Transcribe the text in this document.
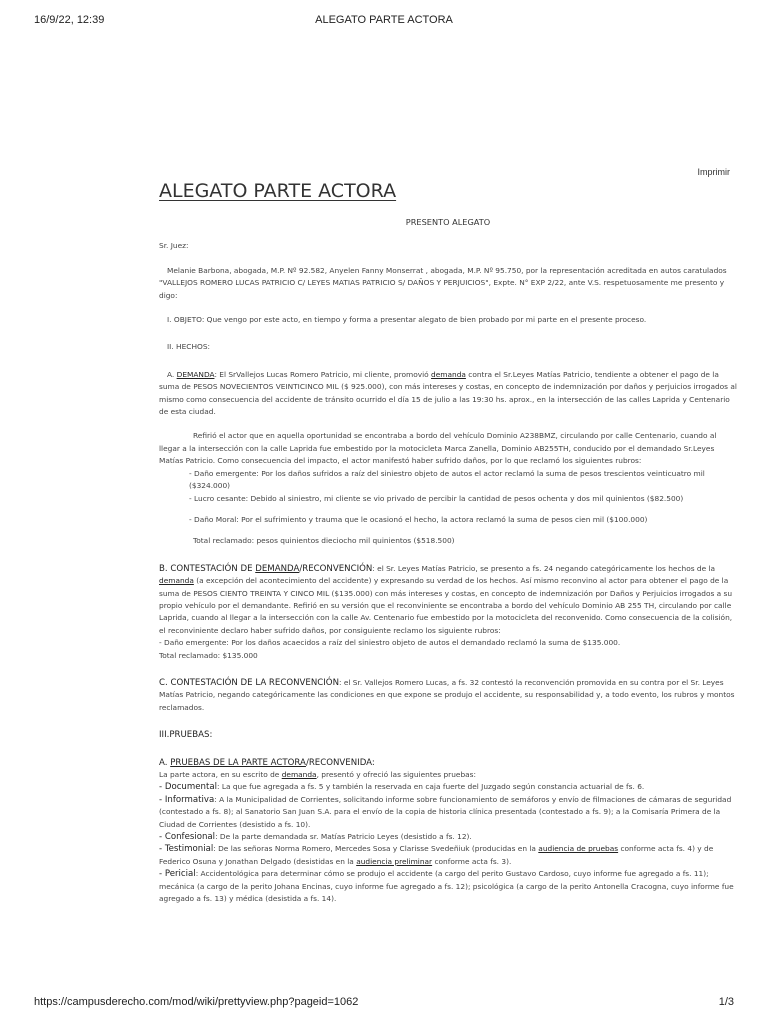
16/9/22, 12:39	ALEGATO PARTE ACTORA
Imprimir
ALEGATO PARTE ACTORA

PRESENTO ALEGATO

Sr. Juez:

Melanie Barbona, abogada, M.P. Nº 92.582, Anyelen Fanny Monserrat , abogada, M.P. Nº 95.750, por la representación acreditada en autos caratulados "VALLEJOS ROMERO LUCAS PATRICIO C/ LEYES MATIAS PATRICIO S/ DAÑOS Y PERJUICIOS", Expte. N° EXP 2/22, ante V.S. respetuosamente me presento y digo:

I. OBJETO: Que vengo por este acto, en tiempo y forma a presentar alegato de bien probado por mi parte en el presente proceso.

II. HECHOS:

A. DEMANDA: El SrVallejos Lucas Romero Patricio, mi cliente, promovió demanda contra el Sr.Leyes Matías Patricio, tendiente a obtener el pago de la suma de PESOS NOVECIENTOS VEINTICINCO MIL ($ 925.000), con más intereses y costas, en concepto de indemnización por daños y perjuicios irrogados al mismo como consecuencia del accidente de tránsito ocurrido el día 15 de julio a las 19:30 hs. aprox., en la intersección de las calles Laprida y Centenario de esta ciudad.

Refirió el actor que en aquella oportunidad se encontraba a bordo del vehículo Dominio A238BMZ, circulando por calle Centenario, cuando al llegar a la intersección con la calle Laprida fue embestido por la motocicleta Marca Zanella, Dominio AB255TH, conducido por el demandado Sr.Leyes Matías Patricio. Como consecuencia del impacto, el actor manifestó haber sufrido daños, por lo que reclamó los siguientes rubros:

- Daño emergente: Por los daños sufridos a raíz del siniestro objeto de autos el actor reclamó la suma de pesos trescientos veinticuatro mil ($324.000)

- Lucro cesante: Debido al siniestro, mi cliente se vio privado de percibir la cantidad de pesos ochenta y dos mil quinientos ($82.500)

- Daño Moral: Por el sufrimiento y trauma que le ocasionó el hecho, la actora reclamó la suma de pesos cien mil ($100.000)

Total reclamado: pesos quinientos dieciocho mil quinientos ($518.500)

B. CONTESTACIÓN DE DEMANDA/RECONVENCIÓN: el Sr. Leyes Matías Patricio, se presento a fs. 24 negando categóricamente los hechos de la demanda (a excepción del acontecimiento del accidente) y expresando su verdad de los hechos. Así mismo reconvino al actor para obtener el pago de la suma de PESOS CIENTO TREINTA Y CINCO MIL ($135.000) con más intereses y costas, en concepto de indemnización por Daños y Perjuicios irrogados a su propio vehículo por el demandante. Refirió en su versión que el reconviniente se encontraba a bordo del vehículo Dominio AB 255 TH, circulando por calle Laprida, cuando al llegar a la intersección con la calle Av. Centenario fue embestido por la motocicleta del reconvenido. Como consecuencia de la colisión, el reconviniente declaro haber sufrido daños, por consiguiente reclamo los siguiente rubros:

- Daño emergente: Por los daños acaecidos a raíz del siniestro objeto de autos el demandado reclamó la suma de $135.000.

Total reclamado: $135.000

C. CONTESTACIÓN DE LA RECONVENCIÓN: el Sr. Vallejos Romero Lucas, a fs. 32 contestó la reconvención promovida en su contra por el Sr. Leyes Matías Patricio, negando categóricamente las condiciones en que expone se produjo el accidente, su responsabilidad y, a todo evento, los rubros y montos reclamados.

III.PRUEBAS:

A. PRUEBAS DE LA PARTE ACTORA/RECONVENIDA:

La parte actora, en su escrito de demanda, presentó y ofreció las siguientes pruebas:

- Documental: La que fue agregada a fs. 5 y también la reservada en caja fuerte del Juzgado según constancia actuarial de fs. 6.

- Informativa: A la Municipalidad de Corrientes, solicitando informe sobre funcionamiento de semáforos y envío de filmaciones de cámaras de seguridad (contestado a fs. 8); al Sanatorio San Juan S.A. para el envío de la copia de historia clínica presentada (contestado a fs. 9); a la Comisaría Primera de la Ciudad de Corrientes (desistido a fs. 10).

- Confesional: De la parte demandada sr. Matías Patricio Leyes (desistido a fs. 12).

- Testimonial: De las señoras Norma Romero, Mercedes Sosa y Clarisse Svedeñiuk (producidas en la audiencia de pruebas conforme acta fs. 4) y de Federico Osuna y Jonathan Delgado (desistidas en la audiencia preliminar conforme acta fs. 3).

- Pericial: Accidentológica para determinar cómo se produjo el accidente (a cargo del perito Gustavo Cardoso, cuyo informe fue agregado a fs. 11); mecánica (a cargo de la perito Johana Encinas, cuyo informe fue agregado a fs. 12); psicológica (a cargo de la perito Antonella Cracogna, cuyo informe fue agregado a fs. 13) y médica (desistida a fs. 14).

https://campusderecho.com/mod/wiki/prettyview.php?pageid=1062	1/3
